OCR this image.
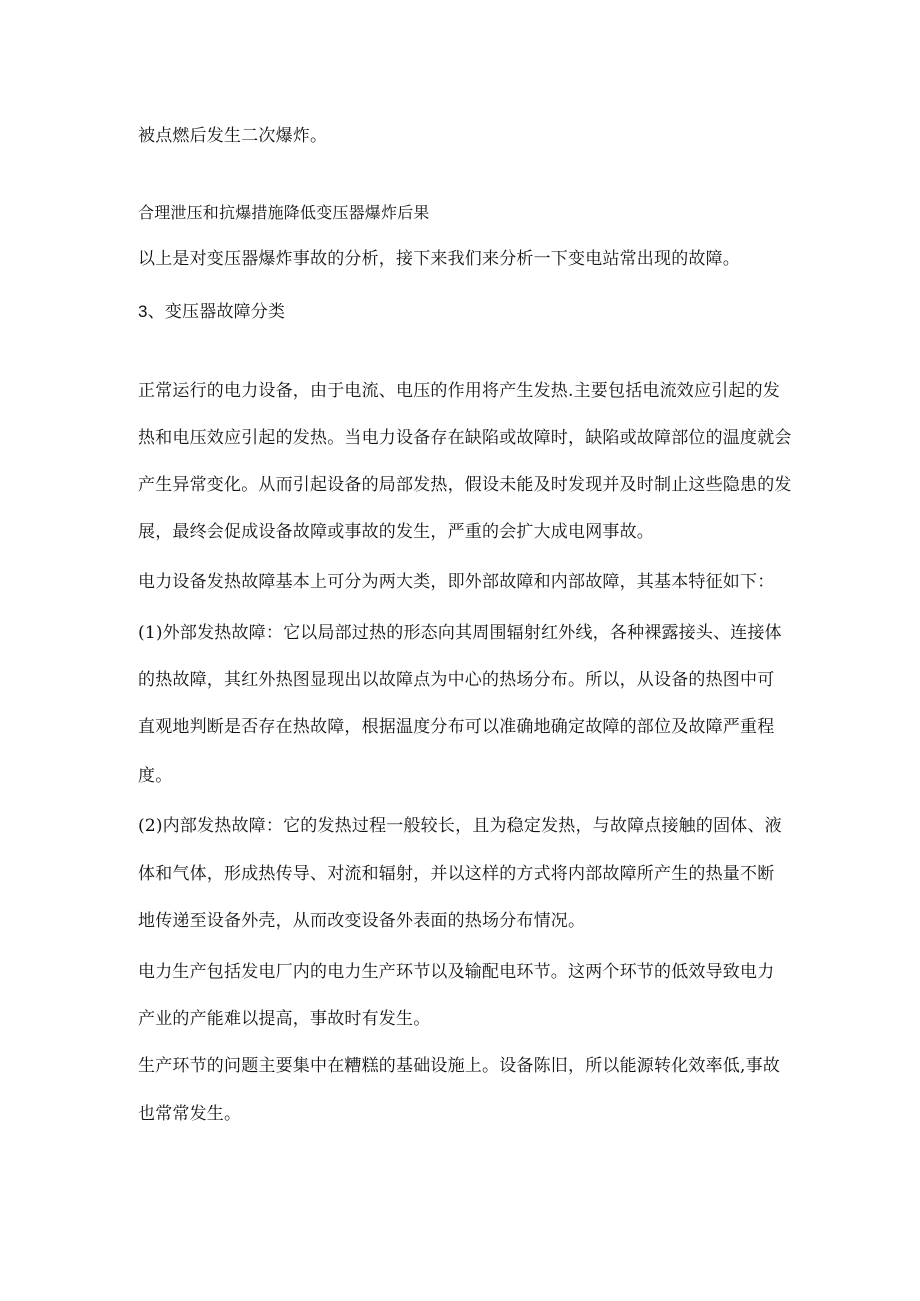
被点燃后发生二次爆炸。
合理泄压和抗爆措施降低变压器爆炸后果
以上是对变压器爆炸事故的分析，接下来我们来分析一下变电站常出现的故障。
3、变压器故障分类
正常运行的电力设备，由于电流、电压的作用将产生发热.主要包括电流效应引起的发
热和电压效应引起的发热。当电力设备存在缺陷或故障时，缺陷或故障部位的温度就会
产生异常变化。从而引起设备的局部发热，假设未能及时发现并及时制止这些隐患的发
展，最终会促成设备故障或事故的发生，严重的会扩大成电网事故。
电力设备发热故障基本上可分为两大类，即外部故障和内部故障，其基本特征如下：
(1)外部发热故障：它以局部过热的形态向其周围辐射红外线，各种裸露接头、连接体
的热故障，其红外热图显现出以故障点为中心的热场分布。所以，从设备的热图中可
直观地判断是否存在热故障，根据温度分布可以准确地确定故障的部位及故障严重程
度。
(2)内部发热故障：它的发热过程一般较长，且为稳定发热，与故障点接触的固体、液
体和气体，形成热传导、对流和辐射，并以这样的方式将内部故障所产生的热量不断
地传递至设备外壳，从而改变设备外表面的热场分布情况。
电力生产包括发电厂内的电力生产环节以及输配电环节。这两个环节的低效导致电力
产业的产能难以提高，事故时有发生。
生产环节的问题主要集中在糟糕的基础设施上。设备陈旧，所以能源转化效率低,事故
也常常发生。
